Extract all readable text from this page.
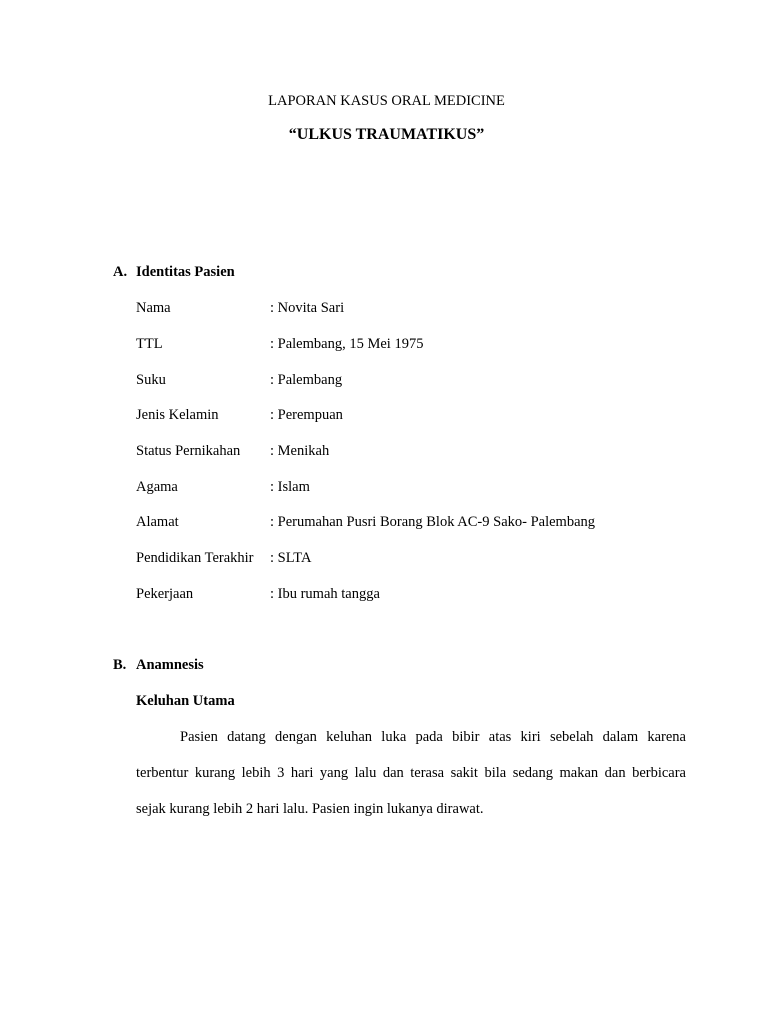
LAPORAN KASUS ORAL MEDICINE
“ULKUS TRAUMATIKUS”
A. Identitas Pasien
Nama	: Novita Sari
TTL	: Palembang, 15 Mei 1975
Suku	: Palembang
Jenis Kelamin	: Perempuan
Status Pernikahan : Menikah
Agama	: Islam
Alamat	: Perumahan Pusri Borang Blok AC-9 Sako- Palembang
Pendidikan Terakhir : SLTA
Pekerjaan	: Ibu rumah tangga
B. Anamnesis
Keluhan Utama
Pasien datang dengan keluhan luka pada bibir atas kiri sebelah dalam karena
terbentur kurang lebih 3 hari yang lalu dan terasa sakit bila sedang makan dan berbicara
sejak kurang lebih 2 hari lalu. Pasien ingin lukanya dirawat.
